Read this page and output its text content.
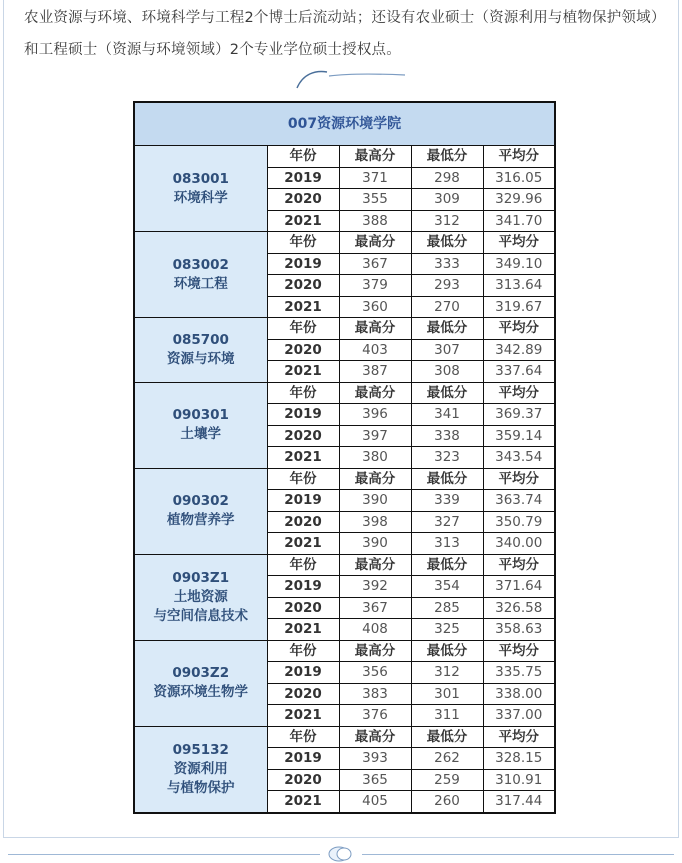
农业资源与环境、环境科学与工程2个博士后流动站；还设有农业硕士（资源利用与植物保护领域）和工程硕士（资源与环境领域）2个专业学位硕士授权点。

007资源环境学院				

083001
环境科学	年份	最高分	最低分	平均分
	2019	371	298	316.05
	2020	355	309	329.96
	2021	388	312	341.70

083002
环境工程	年份	最高分	最低分	平均分
	2019	367	333	349.10
	2020	379	293	313.64
	2021	360	270	319.67

085700
资源与环境	年份	最高分	最低分	平均分
	2020	403	307	342.89
	2021	387	308	337.64

090301
土壤学	年份	最高分	最低分	平均分
	2019	396	341	369.37
	2020	397	338	359.14
	2021	380	323	343.54

090302
植物营养学	年份	最高分	最低分	平均分
	2019	390	339	363.74
	2020	398	327	350.79
	2021	390	313	340.00

0903Z1
土地资源
与空间信息技术	年份	最高分	最低分	平均分
	2019	392	354	371.64
	2020	367	285	326.58
	2021	408	325	358.63

0903Z2
资源环境生物学	年份	最高分	最低分	平均分
	2019	356	312	335.75
	2020	383	301	338.00
	2021	376	311	337.00

095132
资源利用
与植物保护	年份	最高分	最低分	平均分
	2019	393	262	328.15
	2020	365	259	310.91
	2021	405	260	317.44
